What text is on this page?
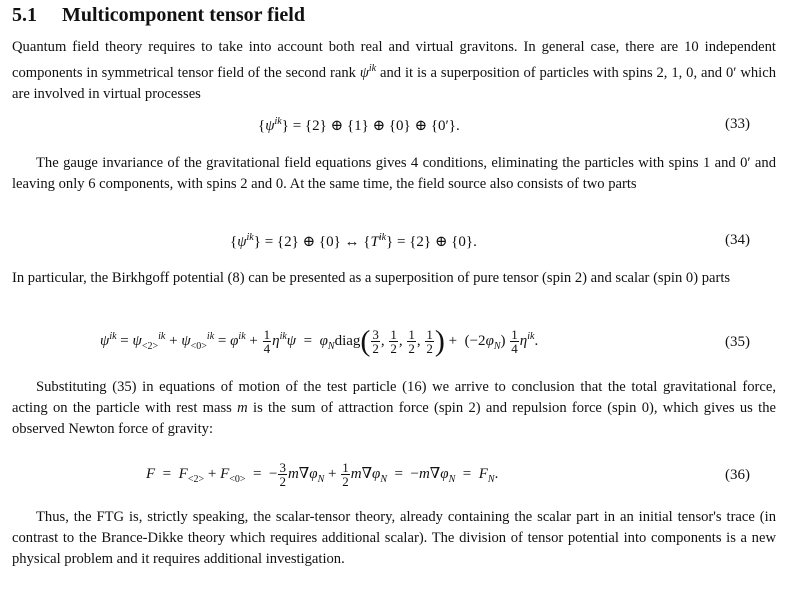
5.1 Multicomponent tensor field

Quantum field theory requires to take into account both real and virtual gravitons. In general case, there are 10 independent components in symmetrical tensor field of the second rank $\psi^{ik}$ and it is a superposition of particles with spins 2, 1, 0, and 0′ which are involved in virtual processes

$\{\psi^{ik}\} = \{2\}$ ⊕ {1} ⊕ {0} ⊕ {0′}.	(33)

The gauge invariance of the gravitational field equations gives 4 conditions, eliminating the particles with spins 1 and 0′ and leaving only 6 components, with spins 2 and 0. At the same time, the field source also consists of two parts

$\{\psi^{ik}\} = \{2\}$ ⊕ {0} ↔ $\{T^{ik}\} = \{2\}$ ⊕ {0}.	(34)

In particular, the Birkhgoff potential (8) can be presented as a superposition of pure tensor (spin 2) and scalar (spin 0) parts

$\psi^{ik} = \psi_{<2>}^{ik} + \psi_{<0>}^{ik} = \varphi^{ik} + \frac{1}{4} \eta^{ik}\psi$  =  $\varphi_Ndiag( \frac{3}{2}$ , $\frac{1}{2}$ , $\frac{1}{2}$ , $\frac{1}{2}$ ) +  $(-2\varphi_N) \frac{1}{4} \eta^{ik}$.	(35)

Substituting (35) in equations of motion of the test particle (16) we arrive to conclusion that the total gravitational force, acting on the particle with rest mass m is the sum of attraction force (spin 2) and repulsion force (spin 0), which gives us the observed Newton force of gravity:

$F = F_{<2>} + F_{<0>}$  =  − $\frac{3}{2} m\nabla\varphi_N + \frac{1}{2} m\nabla\varphi_N = -m\nabla\varphi_N = F_N$.	(36)

Thus, the FTG is, strictly speaking, the scalar-tensor theory, already containing the scalar part in an initial tensor's trace (in contrast to the Brance-Dikke theory which requires additional scalar). The division of tensor potential into components is a new physical problem and it requires additional investigation.
